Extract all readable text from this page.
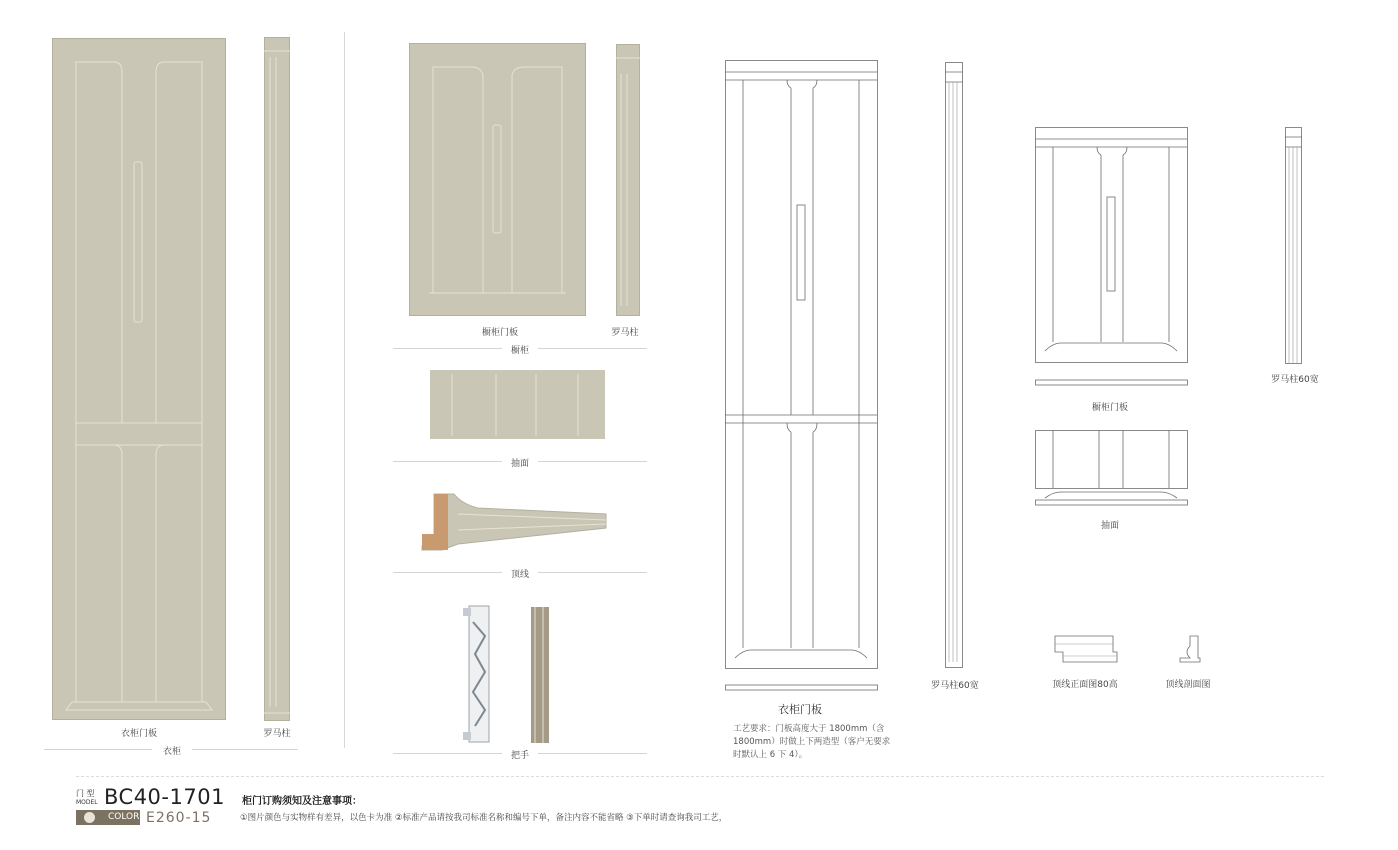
衣柜门板	罗马柱
衣柜
橱柜门板	罗马柱
橱柜
抽面
顶线
把手
衣柜门板
工艺要求：门板高度大于 1800mm（含 1800mm）时做上下两造型（客户无要求时默认上 6 下 4）。
罗马柱60宽
橱柜门板
罗马柱60宽
抽面
顶线正面图80高	顶线剖面图
门 型
MODEL BC40-1701
COLOR E260-15
柜门订购须知及注意事项：
①图片颜色与实物样有差异，以色卡为准 ②标准产品请按我司标准名称和编号下单，备注内容不能省略 ③下单时请查询我司工艺，
